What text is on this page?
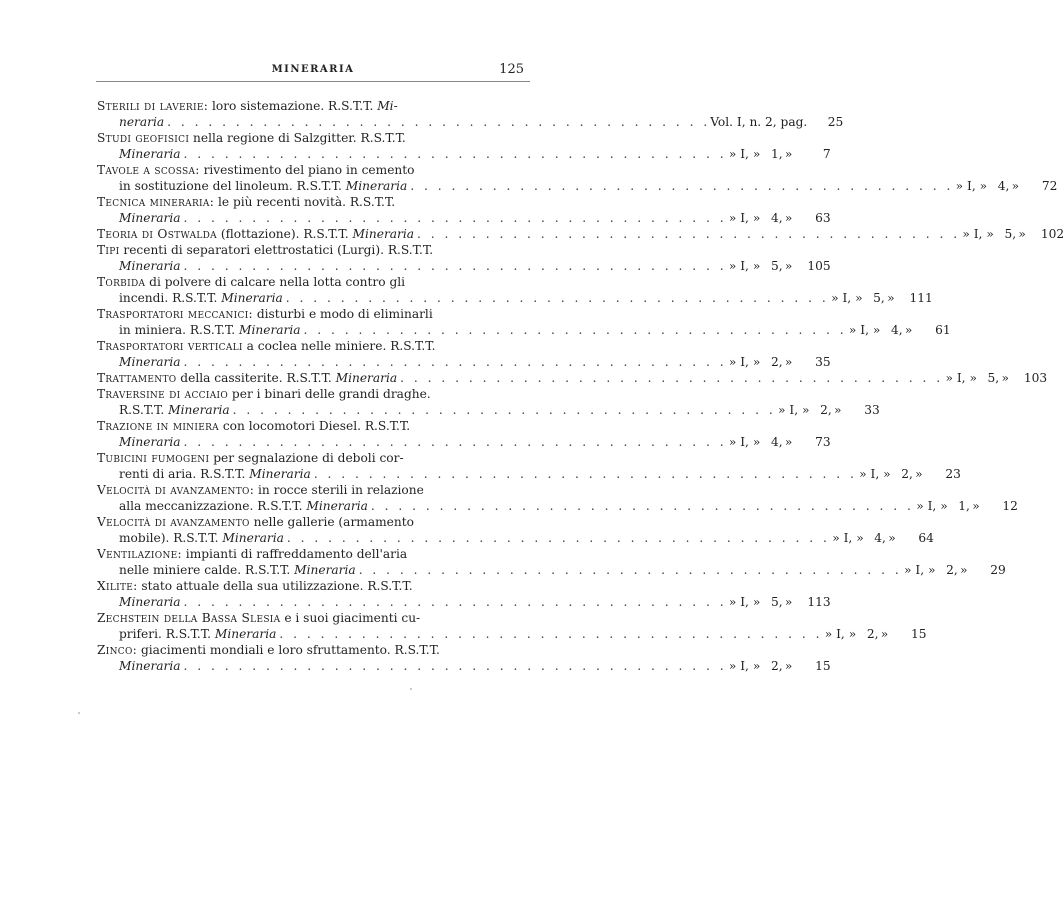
MINERARIA	125
Sterili di laverie: loro sistemazione. R.S.T.T. Mi-
neraria . . . . . . . . . . . . . . . . . . . . . . . . . . . . . . . . . . . . . . . . Vol. I, n. 2, pag.	25
Studi geofisici nella regione di Salzgitter. R.S.T.T.
Mineraria . . . . . . . . . . . . . . . . . . . . . . . . . . . . . . . . . . . . . . . . » I, » 1, »	7
Tavole a scossa: rivestimento del piano in cemento
in sostituzione del linoleum. R.S.T.T. Mineraria . . . . . . . . . . . . . . . . . . . . . . . . . . . . . . . . . . . . . . . . » I, » 4, »	72
Tecnica mineraria: le più recenti novità. R.S.T.T.
Mineraria . . . . . . . . . . . . . . . . . . . . . . . . . . . . . . . . . . . . . . . . » I, » 4, »	63
Teoria di Ostwalda (flottazione). R.S.T.T. Mineraria . . . . . . . . . . . . . . . . . . . . . . . . . . . . . . . . . . . . . . . . » I, » 5, »	102
Tipi recenti di separatori elettrostatici (Lurgi). R.S.T.T.
Mineraria . . . . . . . . . . . . . . . . . . . . . . . . . . . . . . . . . . . . . . . . » I, » 5, »	105
Torbida di polvere di calcare nella lotta contro gli
incendi. R.S.T.T. Mineraria . . . . . . . . . . . . . . . . . . . . . . . . . . . . . . . . . . . . . . . . » I, » 5, »	111
Trasportatori meccanici: disturbi e modo di eliminarli
in miniera. R.S.T.T. Mineraria . . . . . . . . . . . . . . . . . . . . . . . . . . . . . . . . . . . . . . . . » I, » 4, »	61
Trasportatori verticali a coclea nelle miniere. R.S.T.T.
Mineraria . . . . . . . . . . . . . . . . . . . . . . . . . . . . . . . . . . . . . . . . » I, » 2, »	35
Trattamento della cassiterite. R.S.T.T. Mineraria . . . . . . . . . . . . . . . . . . . . . . . . . . . . . . . . . . . . . . . . » I, » 5, »	103
Traversine di acciaio per i binari delle grandi draghe.
R.S.T.T. Mineraria . . . . . . . . . . . . . . . . . . . . . . . . . . . . . . . . . . . . . . . . » I, » 2, »	33
Trazione in miniera con locomotori Diesel. R.S.T.T.
Mineraria . . . . . . . . . . . . . . . . . . . . . . . . . . . . . . . . . . . . . . . . » I, » 4, »	73
Tubicini fumogeni per segnalazione di deboli cor-
renti di aria. R.S.T.T. Mineraria . . . . . . . . . . . . . . . . . . . . . . . . . . . . . . . . . . . . . . . . » I, » 2, »	23
Velocità di avanzamento: in rocce sterili in relazione
alla meccanizzazione. R.S.T.T. Mineraria . . . . . . . . . . . . . . . . . . . . . . . . . . . . . . . . . . . . . . . . » I, » 1, »	12
Velocità di avanzamento nelle gallerie (armamento
mobile). R.S.T.T. Mineraria . . . . . . . . . . . . . . . . . . . . . . . . . . . . . . . . . . . . . . . . » I, » 4, »	64
Ventilazione: impianti di raffreddamento dell'aria
nelle miniere calde. R.S.T.T. Mineraria . . . . . . . . . . . . . . . . . . . . . . . . . . . . . . . . . . . . . . . . » I, » 2, »	29
Xilite: stato attuale della sua utilizzazione. R.S.T.T.
Mineraria . . . . . . . . . . . . . . . . . . . . . . . . . . . . . . . . . . . . . . . . » I, » 5, »	113
Zechstein della Bassa Slesia e i suoi giacimenti cu-
priferi. R.S.T.T. Mineraria . . . . . . . . . . . . . . . . . . . . . . . . . . . . . . . . . . . . . . . . » I, » 2, »	15
Zinco: giacimenti mondiali e loro sfruttamento. R.S.T.T.
Mineraria . . . . . . . . . . . . . . . . . . . . . . . . . . . . . . . . . . . . . . . . » I, » 2, »	15
